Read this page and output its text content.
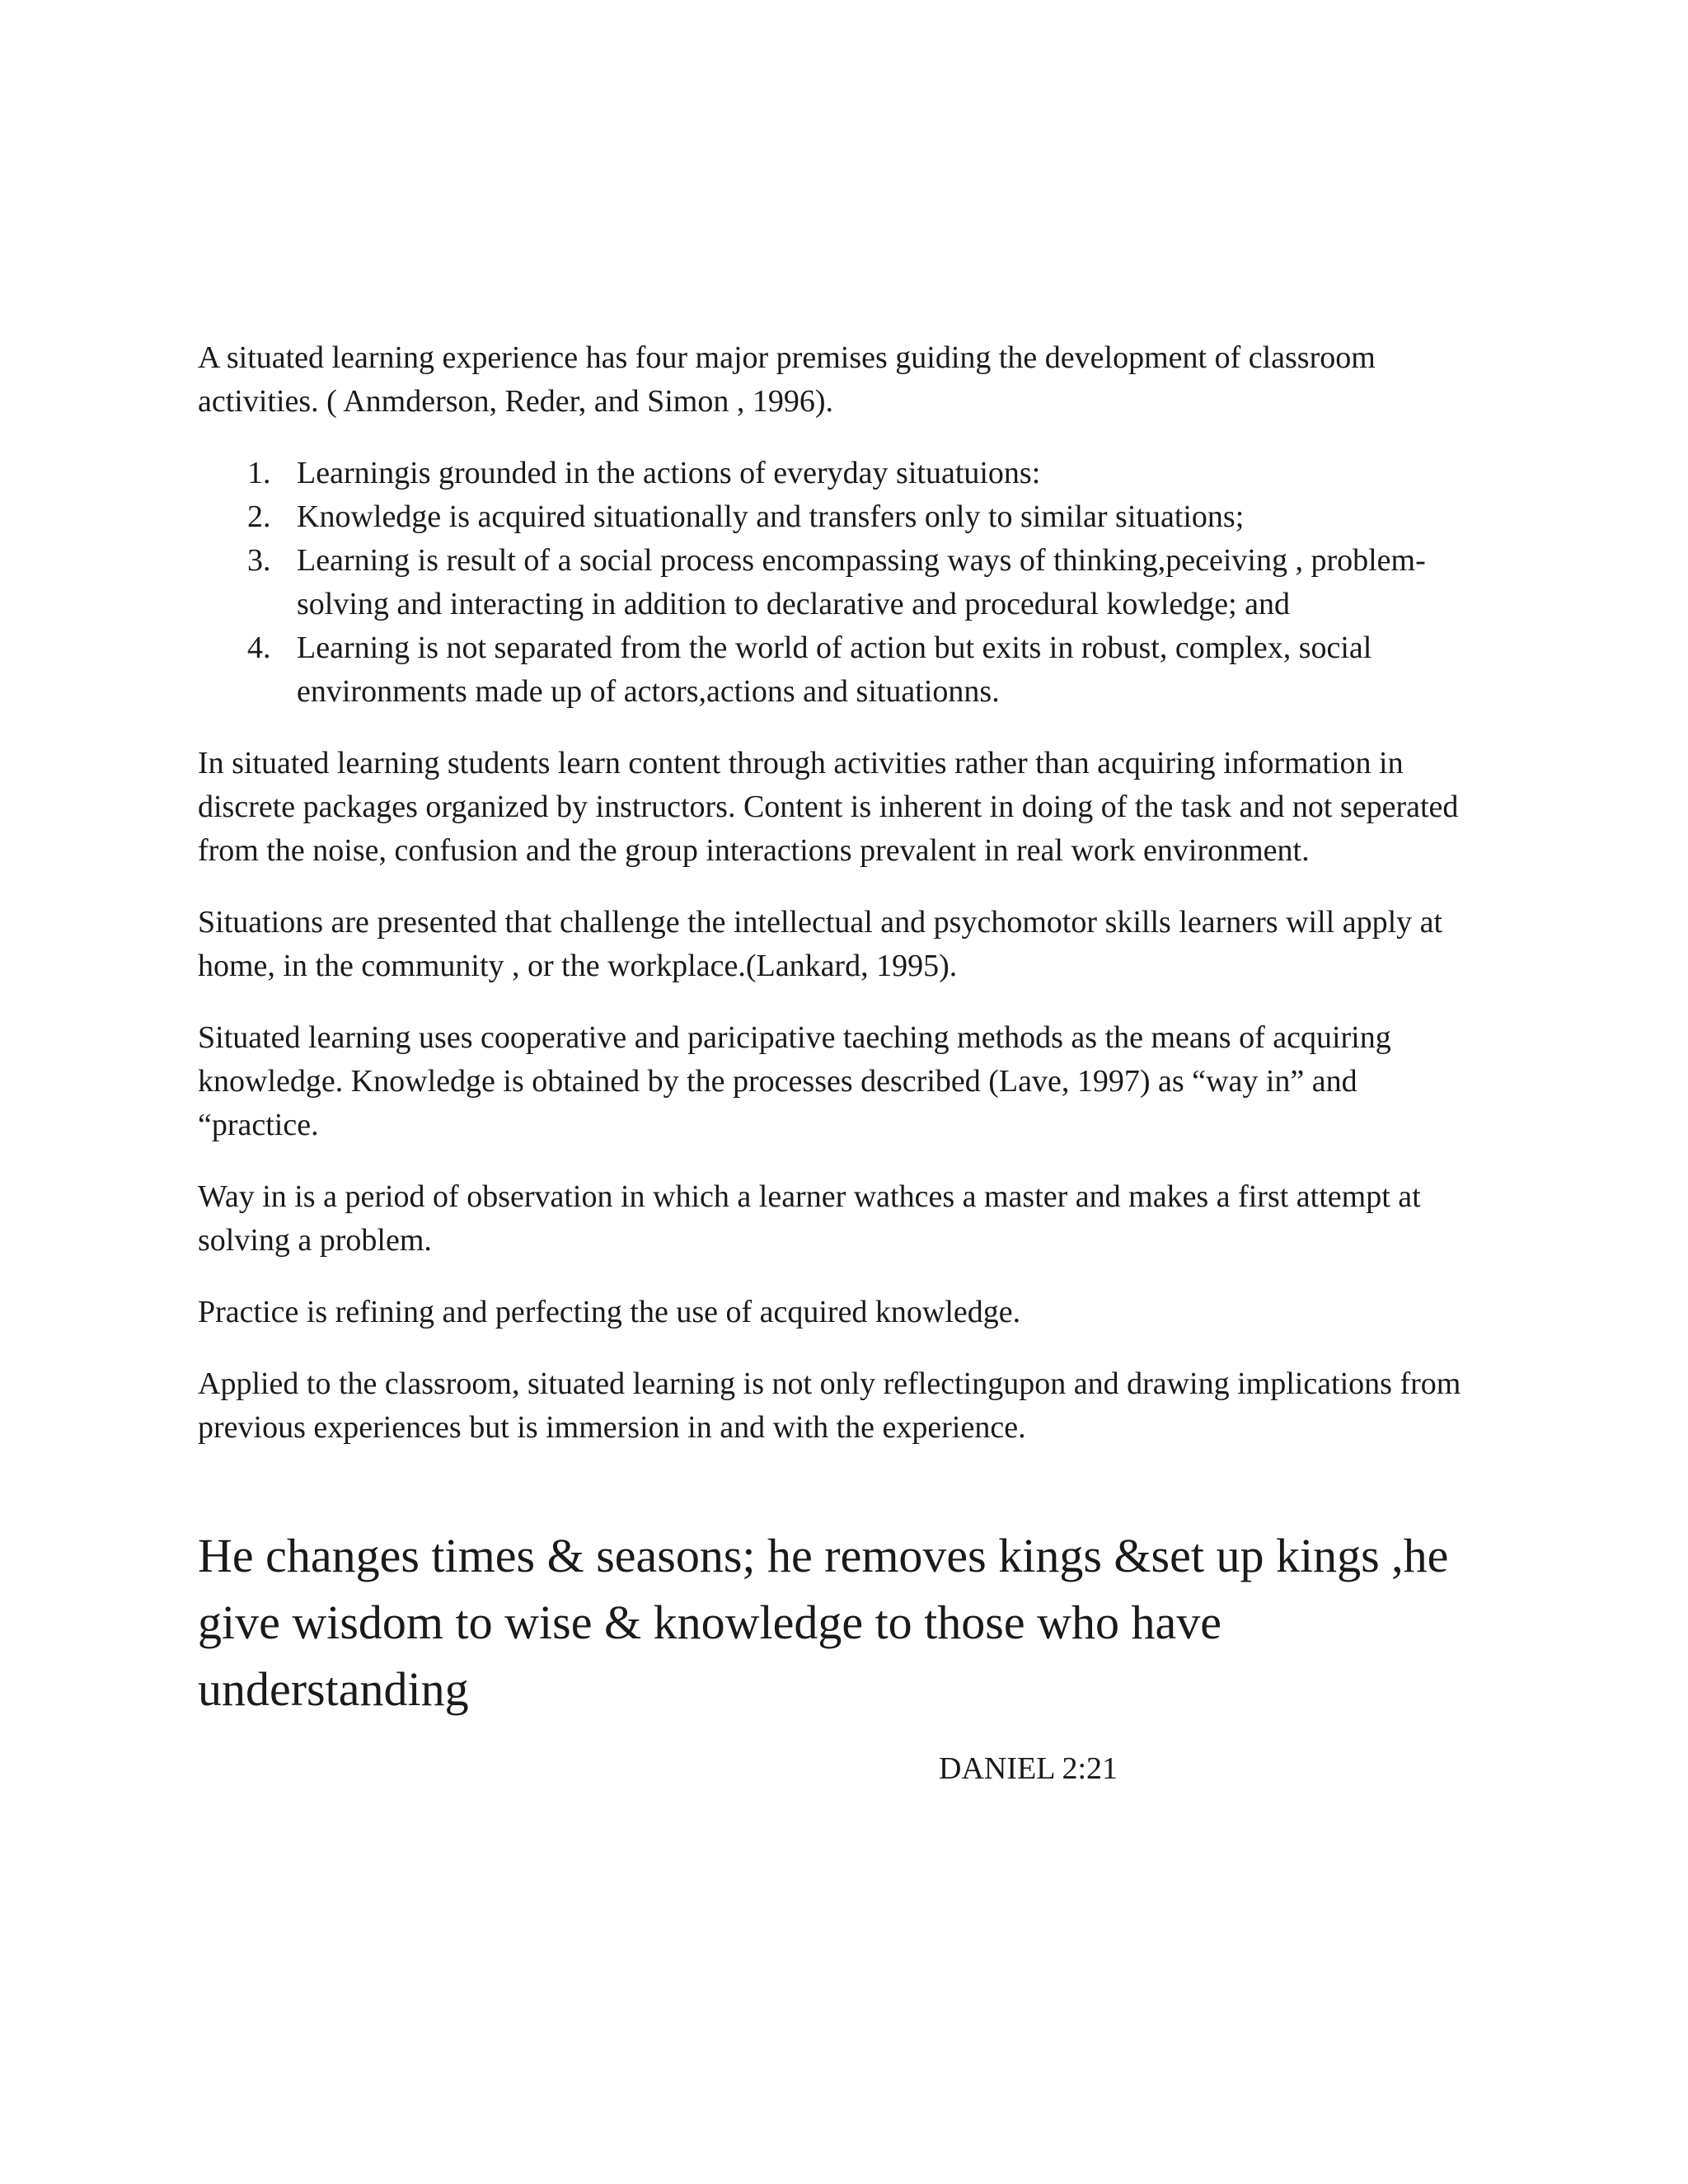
A situated learning experience has four major premises guiding the development of classroom activities. ( Anmderson, Reder, and Simon , 1996).

1. Learningis grounded in the actions of everyday situatuions:
2. Knowledge is acquired situationally and transfers only to similar situations;
3. Learning is result of a social process encompassing ways of thinking,peceiving , problem-solving and interacting in addition to declarative and procedural kowledge; and
4. Learning is not separated from the world of action but exits in robust, complex, social environments made up of actors,actions and situationns.

In situated learning students learn content through activities rather than acquiring information in discrete packages organized by instructors. Content is inherent in doing of the task and not seperated from the noise, confusion and the group interactions prevalent in real work environment.

Situations are presented that challenge the intellectual and psychomotor skills learners will apply at home, in the community , or the workplace.(Lankard, 1995).

Situated learning uses cooperative and paricipative taeching methods as the means of acquiring knowledge. Knowledge is obtained by the processes described (Lave, 1997) as “way in” and “practice.

Way in is a period of observation in which a learner wathces a master and makes a first attempt at solving a problem.

Practice is refining and perfecting the use of acquired knowledge.

Applied to the classroom, situated learning is not only reflectingupon and drawing implications from previous experiences but is immersion in and with the experience.

He changes times & seasons; he removes kings &set up kings ,he give wisdom to wise & knowledge to those who have understanding

DANIEL 2:21
